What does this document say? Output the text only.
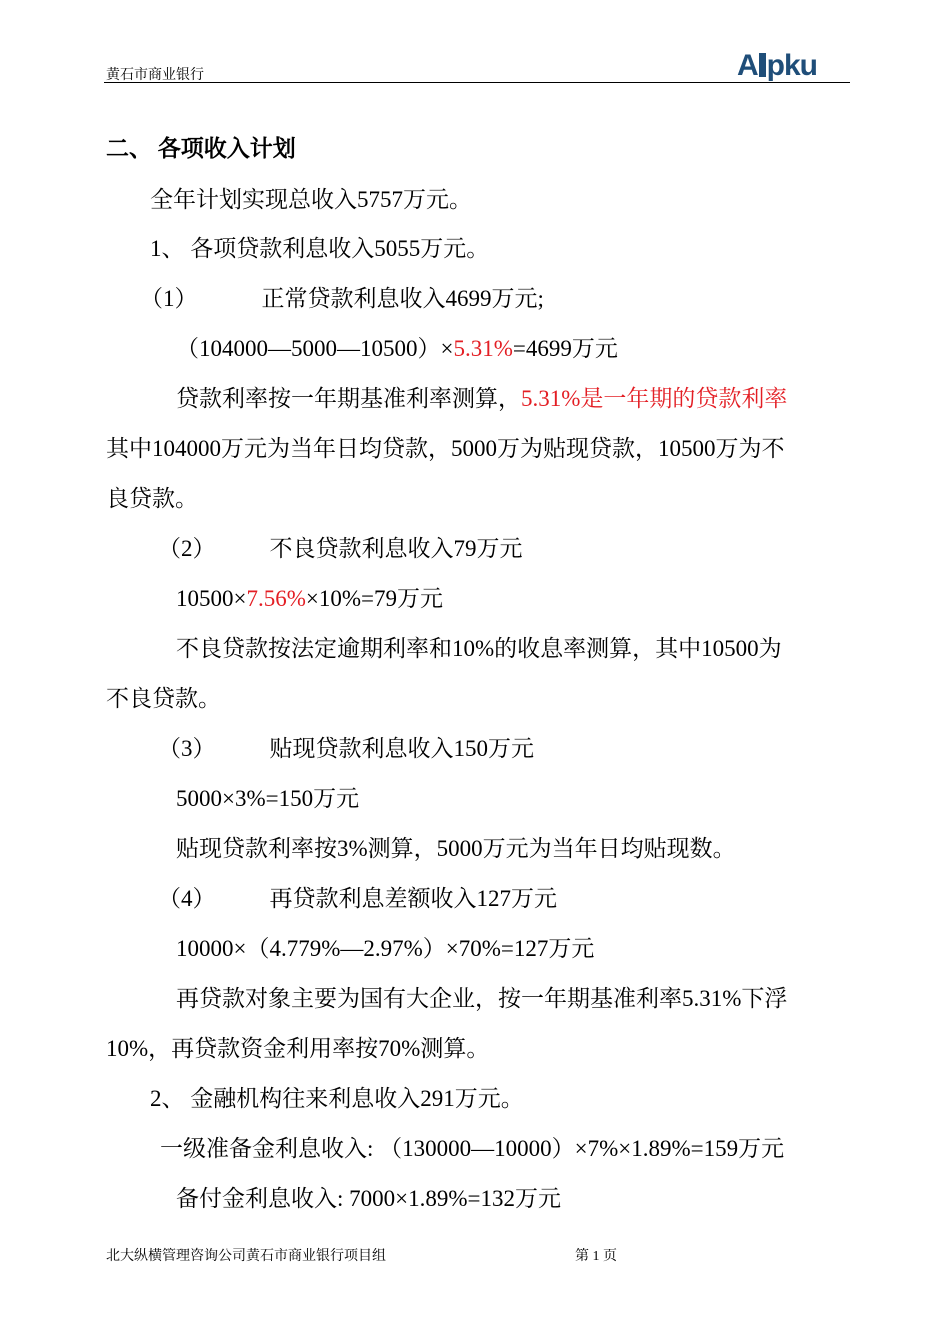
黄石市商业银行	A pku
二、 各项收入计划
全年计划实现总收入5757万元。
1、 各项贷款利息收入5055万元。
（1）	正常贷款利息收入4699万元;
（104000—5000—10500）×5.31%=4699万元
贷款利率按一年期基准利率测算，5.31%是一年期的贷款利率
其中104000万元为当年日均贷款，5000万为贴现贷款，10500万为不
良贷款。
（2） 不良贷款利息收入79万元
10500×7.56%×10%=79万元
不良贷款按法定逾期利率和10%的收息率测算，其中10500为
不良贷款。
（3） 贴现贷款利息收入150万元
5000×3%=150万元
贴现贷款利率按3%测算，5000万元为当年日均贴现数。
（4） 再贷款利息差额收入127万元
10000×（4.779%—2.97%）×70%=127万元
再贷款对象主要为国有大企业，按一年期基准利率5.31%下浮
10%，再贷款资金利用率按70%测算。
2、 金融机构往来利息收入291万元。
一级准备金利息收入: （130000—10000）×7%×1.89%=159万元
备付金利息收入: 7000×1.89%=132万元
北大纵横管理咨询公司黄石市商业银行项目组	第 1 页
